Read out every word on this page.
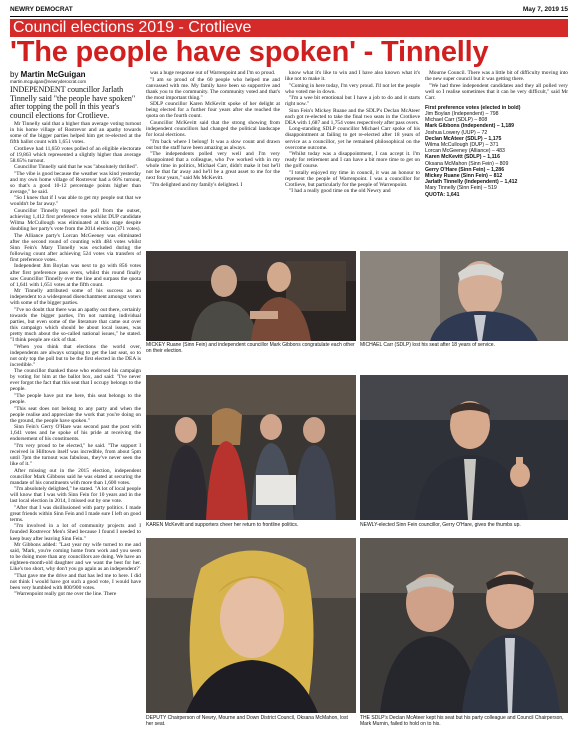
NEWRY DEMOCRAT	May 7, 2019 15
Council elections 2019 - Crotlieve
'The people have spoken' - Tinnelly
by Martin McGuigan
martin.mcguigan@newryderocrat.com

INDEPENDENT councillor Jarlath Tinnelly said "the people have spoken" after topping the poll in this year's council elections for Crotlieve.

Mr Tinnelly said that a higher than average voting turnout in his home village of Rostrevor and an apathy towards some of the bigger parties helped him get re-elected at the fifth ballot count with 1,651 votes.

Crotlieve had 11,650 votes polled of an eligible electorate of 19,863 which represented a slightly higher than average 58.65% turnout.

Councillor Tinnelly said that he was "absolutely thrilled".

"The vibe is good because the weather was kind yesterday and my own home village of Rostrevor had a 66% turnout, so that's a good 10-12 percentage points higher than average," he said.

"So I knew that if I was able to get my people out that we wouldn't be far away."

Councillor Tinnelly topped the poll from the outset, achieving 1,412 first preference votes whilst DUP candidate Wilma McCullough was eliminated at this stage despite doubling her party's vote from the 2014 election (371 votes).

The Alliance party's Lorcan McGeeney was eliminated after the second round of counting with 484 votes whilst Sinn Fein's Mary Tinnelly was excluded during the following count after achieving 524 votes via transfers of first preference votes.

Independent Jim Boylan was next to go with 856 votes after first preference pass overs, whilst this round finally saw Councillor Tinnelly over the line and surpass the quota of 1,641 with 1,651 votes at the fifth count.

Mr Tinnelly attributed some of his success as an independent to a widespread disenchantment amongst voters with some of the bigger parties.

"I've no doubt that there was an apathy out there, certainly towards the bigger parties, I'm not naming individual parties, but even some of the literature that came out over this campaign which should be about local issues, was pretty much about the so-called national issues," he stated. "I think people are sick of that.

"When you think that elections the world over, independents are always scraping to get the last seat, so to not only top the poll but to be the first elected in the DEA is incredible."

The councillor thanked those who endorsed his campaign by voting for him at the ballot box, and said: "I've never ever forgot the fact that this seat that I occupy belongs to the people.

"The people have put me here, this seat belongs to the people.

"This seat does not belong to any party and when the people realise and appreciate the work that you're doing on the ground, the people have spoken."

Sinn Fein's Gerry O'Hare was second past the post with 1,641 votes and he spoke of his pride at receiving the endorsement of his constituents.

"I'm very proud to be elected," he said. "The support I received in Hilltown itself was incredible, from about 5pm until 7pm the turnout was fabulous, they've never seen the like of it."

After missing out in the 2015 election, independent councillor Mark Gibbons said he was elated at securing the mandate of his constituents with more than 1,600 votes.

"I'm absolutely delighted," he stated. "A lot of local people will know that I was with Sinn Fein for 10 years and in the last local election in 2014, I missed out by one vote.

"After that I was disillusioned with party politics. I made great friends within Sinn Fein and I made sure I left on good terms.

"I'm involved in a lot of community projects and I founded Rostrevor Men's Shed because I found I needed to keep busy after leaving Sinn Fein."

Mr Gibbons added: "Last year my wife turned to me and said, 'Mark, you're coming home from work and you seem to be doing more than any councillors are doing. We have an eighteen-month-old daughter and we want the best for her. Like's too short, why don't you go again as an independent?'

"That gave me the drive and that has led me to here. I did not think I would have got such a good vote, I would have been very humbled with 800/900 votes.

"Warrenpoint really got me over the line. There

was a huge response out of Warrenpoint and I'm so proud.

"I am so proud of the 60 people who helped me and canvassed with me. My family have been so supportive and thank you to the community. The community voted and that's the most important thing."

SDLP councillor Karen McKevitt spoke of her delight at being elected for a further four years after she reached the quota on the fourth count.

Councillor McKevitt said that the strong showing from independent councillors had changed the political landscape for local elections.

"I'm back where I belong! It was a slow count and drawn out but the staff have been amazing as always.

"The independents polled very well and I'm very disappointed that a colleague, who I've worked with in my whole time in politics, Michael Carr, didn't make it but he'll not be that far away and he'll be a great asset to me for the next four years," said Ms McKevitt.

"I'm delighted and my family's delighted. I

know what it's like to win and I have also known what it's like not to make it.

"Coming in here today, I'm very proud. I'll not let the people who voted me in down.

"I'm a wee bit emotional but I have a job to do and it starts right now."

Sinn Fein's Mickey Ruane and the SDLP's Declan McAteer each got re-elected to take the final two seats in the Crotlieve DEA with 1,687 and 1,754 votes respectively after pass overs.

Long-standing SDLP councillor Michael Carr spoke of his disappointment at failing to get re-elected after 18 years of service as a councillor, yet he remained philosophical on the overcome outcome.

"Whilst today was a disappointment, I can accept it. I'm ready for retirement and I can have a bit more time to get on the golf course.

"I totally enjoyed my time in council, it was an honour to represent the people of Warrenpoint. I was a councillor for Crotlieve, but particularly for the people of Warrenpoint.

"I had a really good time on the old Newry and

Mourne Council. There was a little bit of difficulty moving into the new super council but it was getting there.

"We had three independent candidates and they all polled very well so I realise sometimes that it can be very difficult," said Mr Carr.

First preference votes (elected in bold)
Jim Boylan (Independent) – 798
Michael Carr (SDLP) – 808
Mark Gibbons (Independent) – 1,189
Joshua Lowery (UUP) – 72
Declan McAteer (SDLP) – 1,175
Wilma McCullough (DUP) – 371
Lorcan McGeeney (Alliance) – 483
Karen McKevitt (SDLP) – 1,116
Oksana McMahon (Sinn Fein) – 809
Gerry O'Hare (Sinn Fein) – 1,286
Mickey Ruane (Sinn Fein) – 812
Jarlath Tinnelly (Independent) – 1,412
Mary Tinnelly (Sinn Fein) – 519
QUOTA: 1,641
MICKEY Ruane (Sinn Fein) and independent councillor Mark Gibbons congratulate each other on their election.
MICHAEL Carr (SDLP) lost his seat after 18 years of service.
KAREN McKevitt and supporters cheer her return to frontline politics.	NEWLY-elected Sinn Fein councillor, Gerry O'Hare, gives the thumbs up.
DEPUTY Chairperson of Newry, Mourne and Down District Council, Oksana McMahon, lost her seat.
THE SDLP's Declan McAteer kept his seat but his party colleague and Council Chairperson, Mark Murnin, failed to hold on to his.
